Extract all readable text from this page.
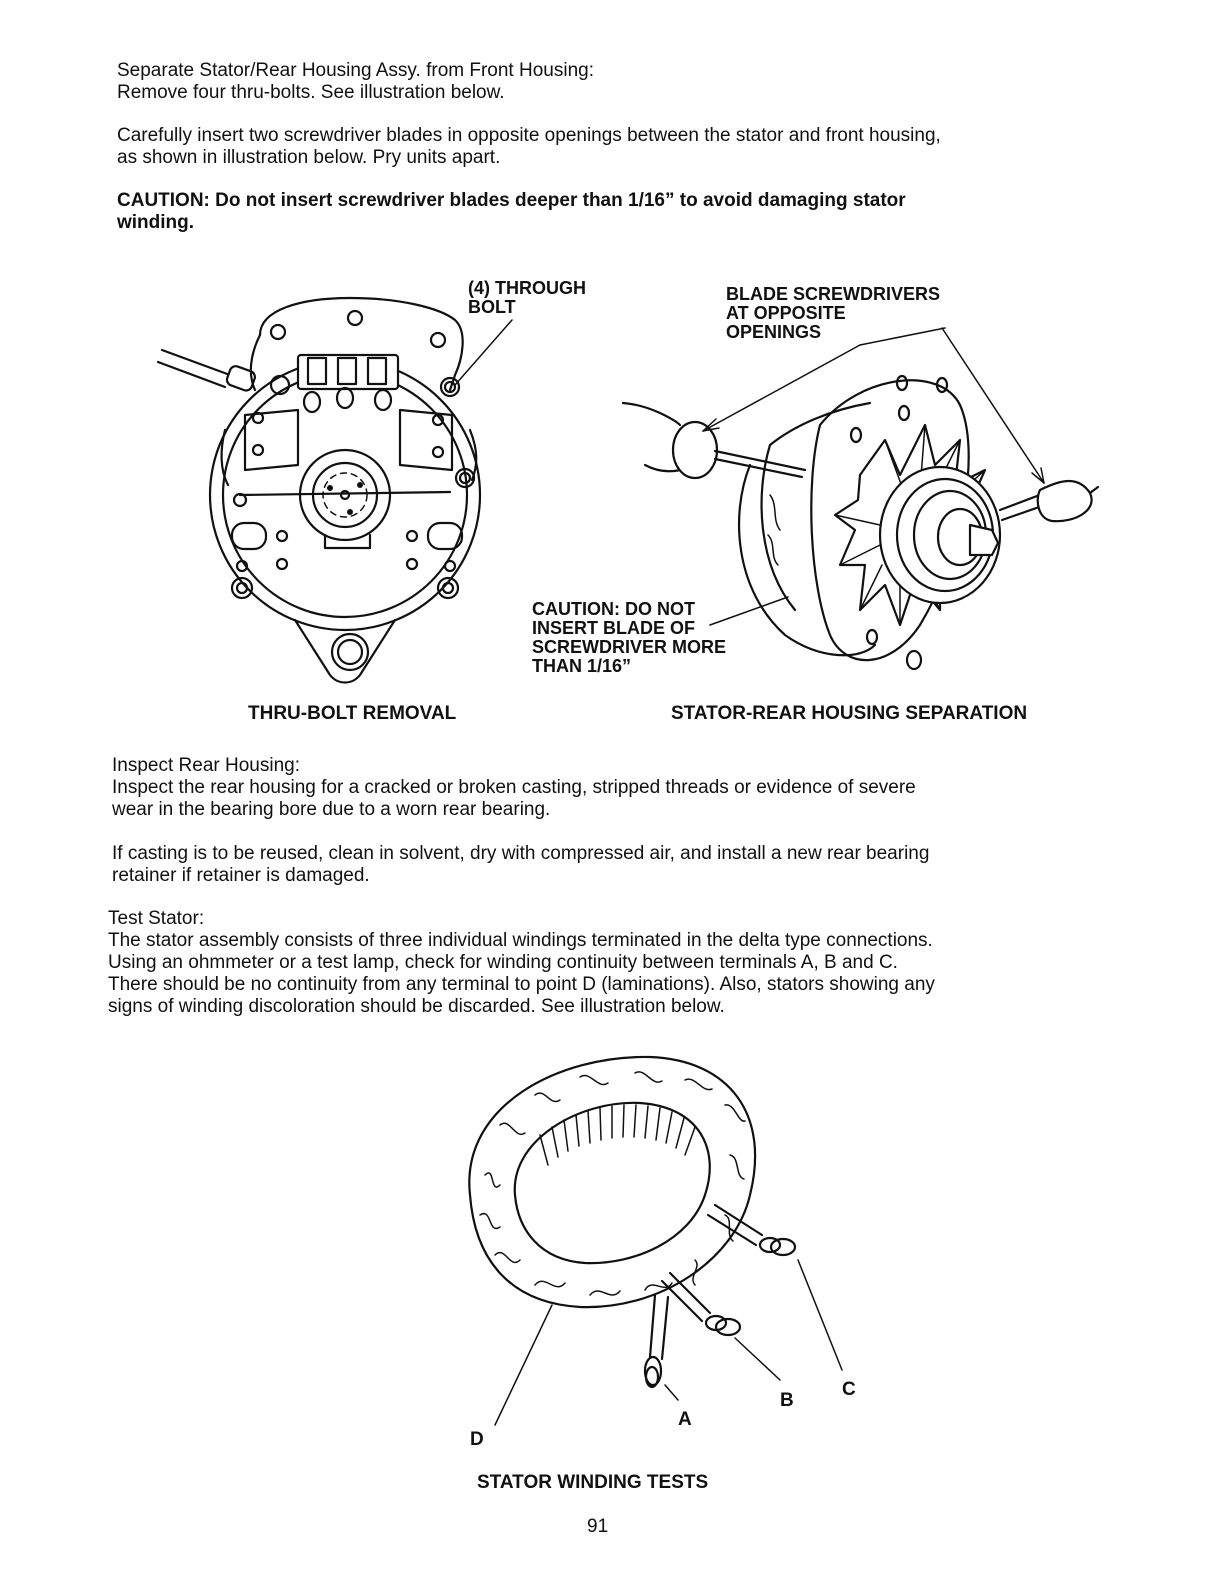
Separate Stator/Rear Housing Assy. from Front Housing:

Remove four thru-bolts. See illustration below.

Carefully insert two screwdriver blades in opposite openings between the stator and front housing,
as shown in illustration below. Pry units apart.

CAUTION: Do not insert screwdriver blades deeper than 1/16” to avoid damaging stator
winding.

(4) THROUGH
BOLT

THRU-BOLT REMOVAL

BLADE SCREWDRIVERS
AT OPPOSITE
OPENINGS

CAUTION: DO NOT
INSERT BLADE OF
SCREWDRIVER MORE
THAN 1/16”

STATOR-REAR HOUSING SEPARATION

Inspect Rear Housing:

Inspect the rear housing for a cracked or broken casting, stripped threads or evidence of severe
wear in the bearing bore due to a worn rear bearing.

If casting is to be reused, clean in solvent, dry with compressed air, and install a new rear bearing
retainer if retainer is damaged.

Test Stator:

The stator assembly consists of three individual windings terminated in the delta type connections.
Using an ohmmeter or a test lamp, check for winding continuity between terminals A, B and C.
There should be no continuity from any terminal to point D (laminations). Also, stators showing any
signs of winding discoloration should be discarded. See illustration below.

C

B

A

D

STATOR WINDING TESTS

91
